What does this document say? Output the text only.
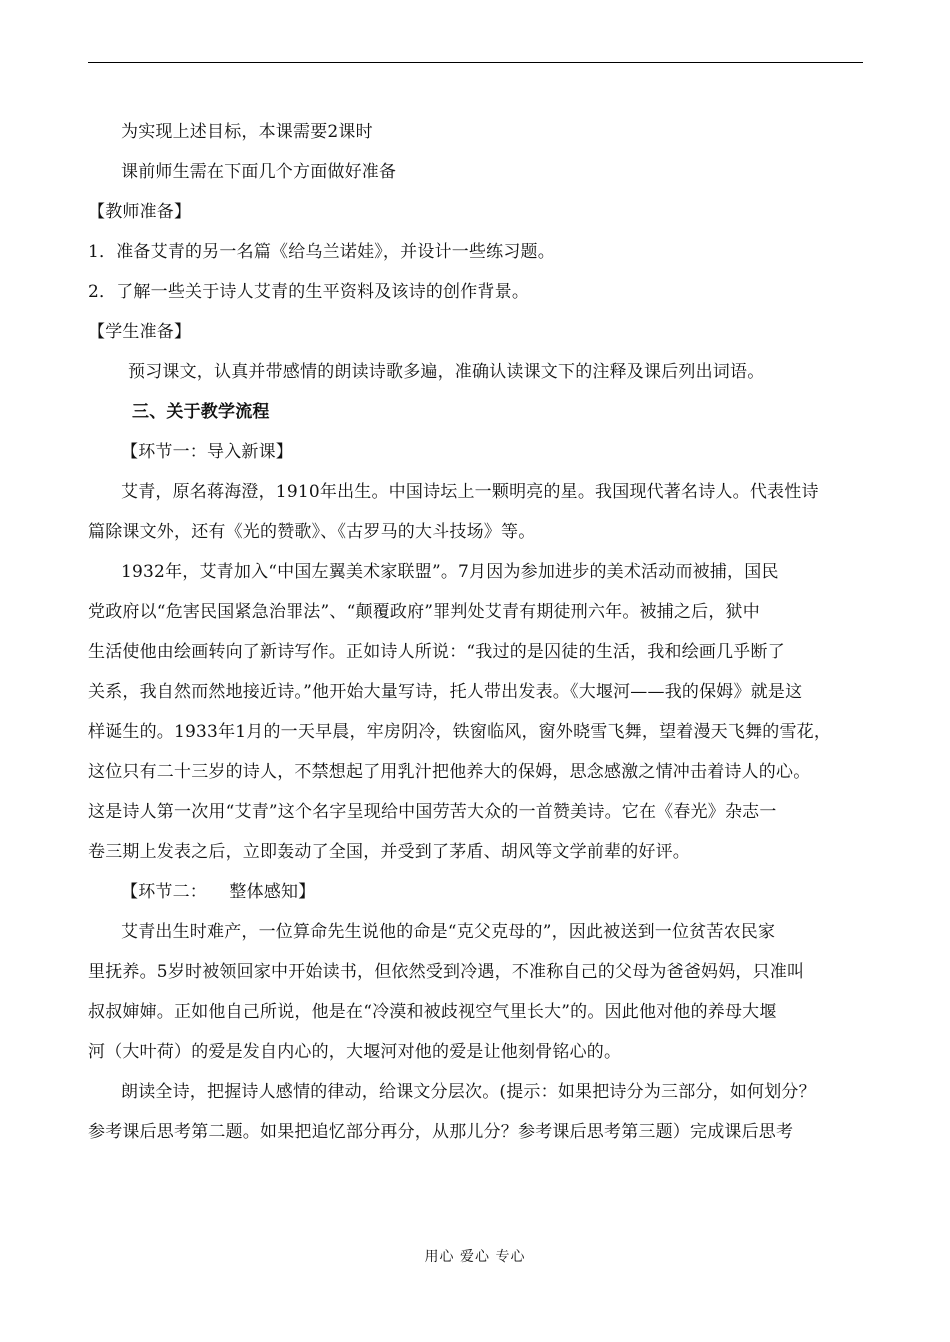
为实现上述目标，本课需要2课时
课前师生需在下面几个方面做好准备
【教师准备】
1．准备艾青的另一名篇《给乌兰诺娃》，并设计一些练习题。
2．了解一些关于诗人艾青的生平资料及该诗的创作背景。
【学生准备】
预习课文，认真并带感情的朗读诗歌多遍，准确认读课文下的注释及课后列出词语。
三、关于教学流程
【环节一：导入新课】
艾青，原名蒋海澄，1910年出生。中国诗坛上一颗明亮的星。我国现代著名诗人。代表性诗
篇除课文外，还有《光的赞歌》、《古罗马的大斗技场》等。
1932年，艾青加入“中国左翼美术家联盟”。7月因为参加进步的美术活动而被捕，国民
党政府以“危害民国紧急治罪法”、“颠覆政府”罪判处艾青有期徒刑六年。被捕之后，狱中
生活使他由绘画转向了新诗写作。正如诗人所说：“我过的是囚徒的生活，我和绘画几乎断了
关系，我自然而然地接近诗。”他开始大量写诗，托人带出发表。《大堰河——我的保姆》就是这
样诞生的。1933年1月的一天早晨，牢房阴冷，铁窗临风，窗外晓雪飞舞，望着漫天飞舞的雪花，
这位只有二十三岁的诗人，不禁想起了用乳汁把他养大的保姆，思念感激之情冲击着诗人的心。
这是诗人第一次用“艾青”这个名字呈现给中国劳苦大众的一首赞美诗。它在《春光》杂志一
卷三期上发表之后，立即轰动了全国，并受到了茅盾、胡风等文学前辈的好评。
【环节二：    整体感知】
艾青出生时难产，一位算命先生说他的命是“克父克母的”，因此被送到一位贫苦农民家
里抚养。5岁时被领回家中开始读书，但依然受到冷遇，不准称自己的父母为爸爸妈妈，只准叫
叔叔婶婶。正如他自己所说，他是在“冷漠和被歧视空气里长大”的。因此他对他的养母大堰
河（大叶荷）的爱是发自内心的，大堰河对他的爱是让他刻骨铭心的。
朗读全诗，把握诗人感情的律动，给课文分层次。(提示：如果把诗分为三部分，如何划分？
参考课后思考第二题。如果把追忆部分再分，从那儿分？参考课后思考第三题）完成课后思考
用心 爱心 专心
